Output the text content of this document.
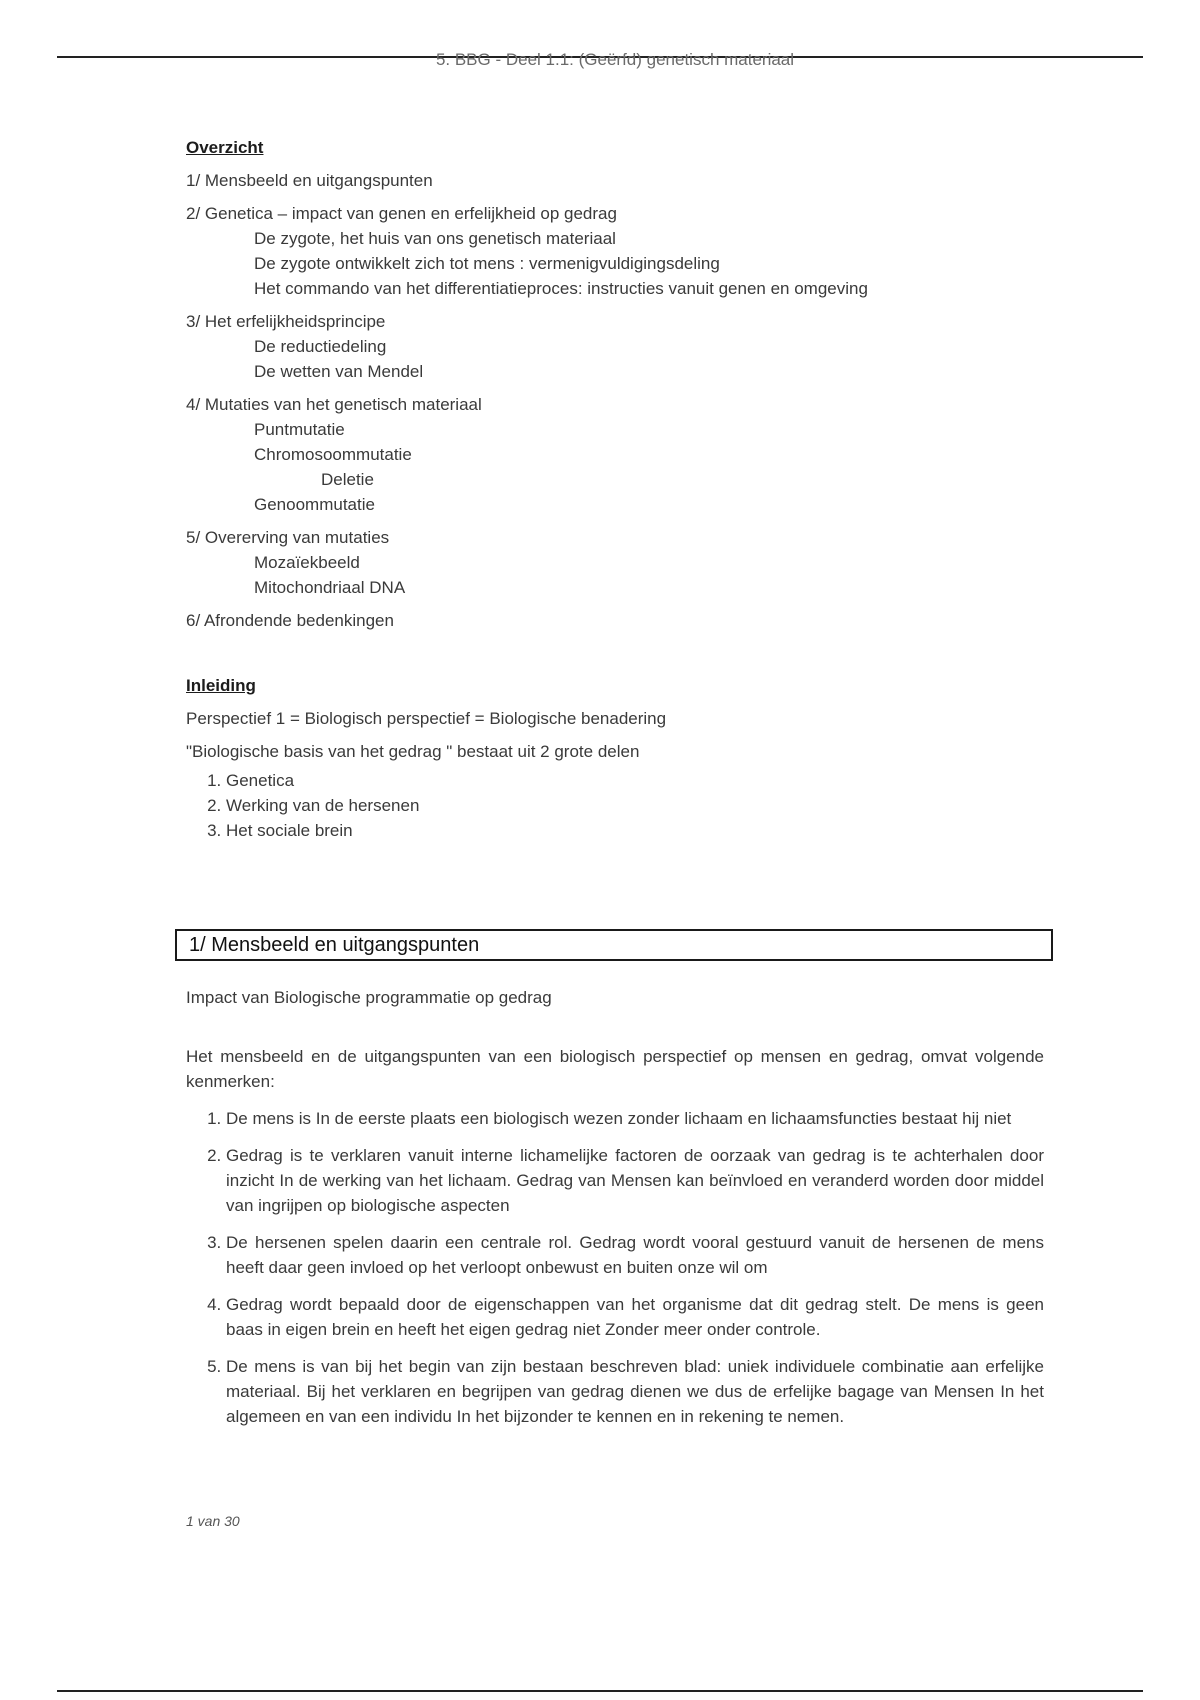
5. BBG - Deel 1.1: (Geërfd) genetisch materiaal

Overzicht

1/ Mensbeeld en uitgangspunten
2/ Genetica – impact van genen en erfelijkheid op gedrag
De zygote, het huis van ons genetisch materiaal
De zygote ontwikkelt zich tot mens : vermenigvuldigingsdeling
Het commando van het differentiatieproces: instructies vanuit genen en omgeving
3/ Het erfelijkheidsprincipe
De reductiedeling
De wetten van Mendel
4/ Mutaties van het genetisch materiaal
Puntmutatie
Chromosoommutatie
Deletie
Genoommutatie
5/ Overerving van mutaties
Mozaïekbeeld
Mitochondriaal DNA
6/ Afrondende bedenkingen

Inleiding

Perspectief 1 = Biologisch perspectief = Biologische benadering

"Biologische basis van het gedrag " bestaat uit 2 grote delen

1. Genetica
2. Werking van de hersenen
3. Het sociale brein
1/ Mensbeeld en uitgangspunten

Impact van Biologische programmatie op gedrag

Het mensbeeld en de uitgangspunten van een biologisch perspectief op mensen en gedrag, omvat volgende kenmerken:

1. De mens is In de eerste plaats een biologisch wezen zonder lichaam en lichaamsfuncties bestaat hij niet
2. Gedrag is te verklaren vanuit interne lichamelijke factoren de oorzaak van gedrag is te achterhalen door inzicht In de werking van het lichaam. Gedrag van Mensen kan beïnvloed en veranderd worden door middel van ingrijpen op biologische aspecten
3. De hersenen spelen daarin een centrale rol. Gedrag wordt vooral gestuurd vanuit de hersenen de mens heeft daar geen invloed op het verloopt onbewust en buiten onze wil om
4. Gedrag wordt bepaald door de eigenschappen van het organisme dat dit gedrag stelt. De mens is geen baas in eigen brein en heeft het eigen gedrag niet Zonder meer onder controle.
5. De mens is van bij het begin van zijn bestaan beschreven blad: uniek individuele combinatie aan erfelijke materiaal. Bij het verklaren en begrijpen van gedrag dienen we dus de erfelijke bagage van Mensen In het algemeen en van een individu In het bijzonder te kennen en in rekening te nemen.
1 van 30
